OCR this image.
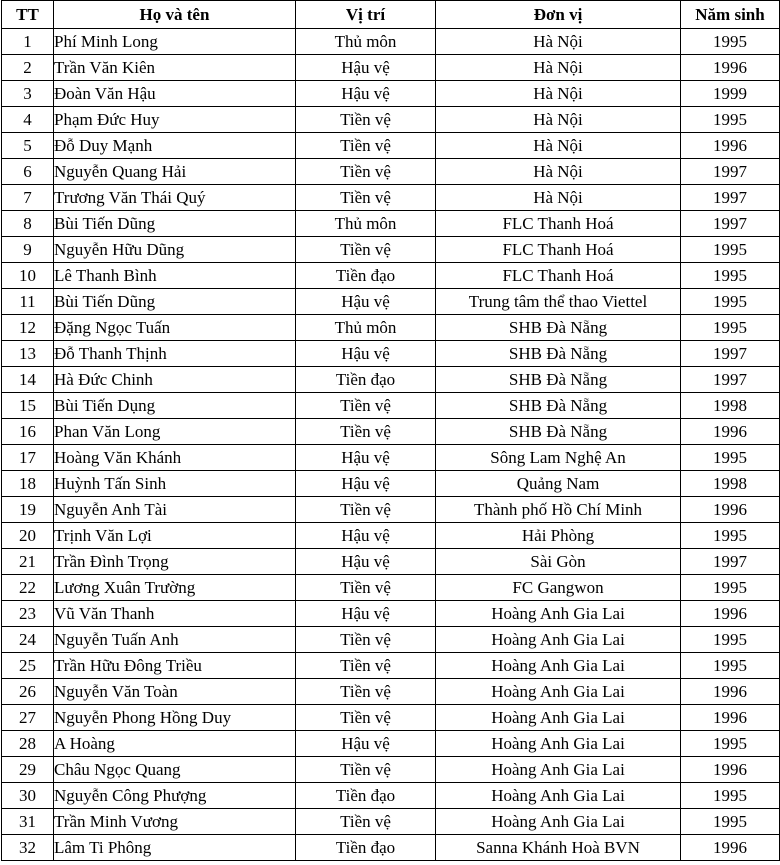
TT	Họ và tên	Vị trí	Đơn vị	Năm sinh
1	Phí Minh Long	Thủ môn	Hà Nội	1995
2	Trần Văn Kiên	Hậu vệ	Hà Nội	1996
3	Đoàn Văn Hậu	Hậu vệ	Hà Nội	1999
4	Phạm Đức Huy	Tiền vệ	Hà Nội	1995
5	Đỗ Duy Mạnh	Tiền vệ	Hà Nội	1996
6	Nguyễn Quang Hải	Tiền vệ	Hà Nội	1997
7	Trương Văn Thái Quý	Tiền vệ	Hà Nội	1997
8	Bùi Tiến Dũng	Thủ môn	FLC Thanh Hoá	1997
9	Nguyễn Hữu Dũng	Tiền vệ	FLC Thanh Hoá	1995
10	Lê Thanh Bình	Tiền đạo	FLC Thanh Hoá	1995
11	Bùi Tiến Dũng	Hậu vệ	Trung tâm thể thao Viettel	1995
12	Đặng Ngọc Tuấn	Thủ môn	SHB Đà Nẵng	1995
13	Đỗ Thanh Thịnh	Hậu vệ	SHB Đà Nẵng	1997
14	Hà Đức Chinh	Tiền đạo	SHB Đà Nẵng	1997
15	Bùi Tiến Dụng	Tiền vệ	SHB Đà Nẵng	1998
16	Phan Văn Long	Tiền vệ	SHB Đà Nẵng	1996
17	Hoàng Văn Khánh	Hậu vệ	Sông Lam Nghệ An	1995
18	Huỳnh Tấn Sinh	Hậu vệ	Quảng Nam	1998
19	Nguyễn Anh Tài	Tiền vệ	Thành phố Hồ Chí Minh	1996
20	Trịnh Văn Lợi	Hậu vệ	Hải Phòng	1995
21	Trần Đình Trọng	Hậu vệ	Sài Gòn	1997
22	Lương Xuân Trường	Tiền vệ	FC Gangwon	1995
23	Vũ Văn Thanh	Hậu vệ	Hoàng Anh Gia Lai	1996
24	Nguyễn Tuấn Anh	Tiền vệ	Hoàng Anh Gia Lai	1995
25	Trần Hữu Đông Triều	Tiền vệ	Hoàng Anh Gia Lai	1995
26	Nguyễn Văn Toàn	Tiền vệ	Hoàng Anh Gia Lai	1996
27	Nguyễn Phong Hồng Duy	Tiền vệ	Hoàng Anh Gia Lai	1996
28	A Hoàng	Hậu vệ	Hoàng Anh Gia Lai	1995
29	Châu Ngọc Quang	Tiền vệ	Hoàng Anh Gia Lai	1996
30	Nguyễn Công Phượng	Tiền đạo	Hoàng Anh Gia Lai	1995
31	Trần Minh Vương	Tiền vệ	Hoàng Anh Gia Lai	1995
32	Lâm Ti Phông	Tiền đạo	Sanna Khánh Hoà BVN	1996
